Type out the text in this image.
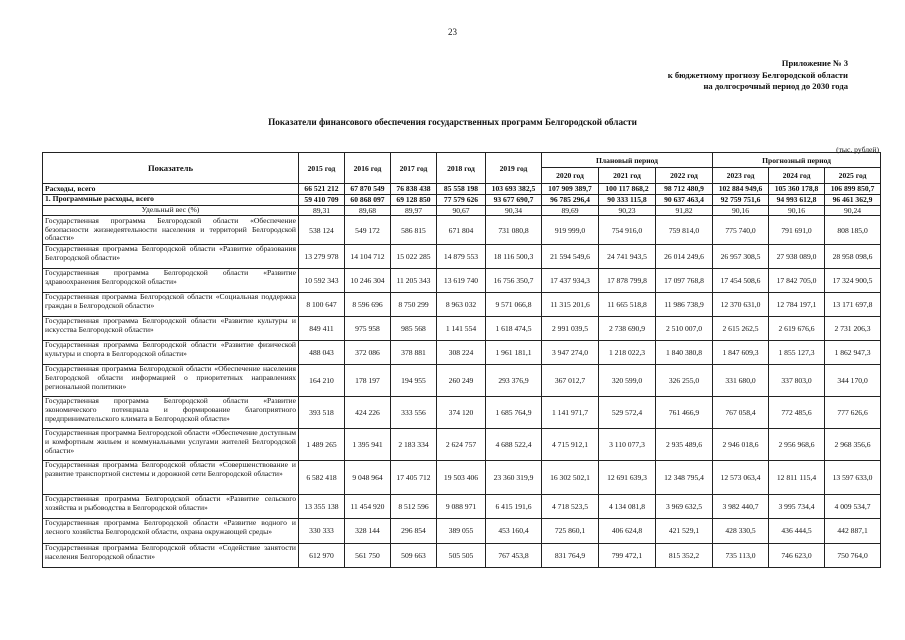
23
Приложение № 3
к бюджетному прогнозу Белгородской области
на долгосрочный период до 2030 года
Показатели финансового обеспечения государственных программ Белгородской области
(тыс. рублей)
Показатель	2015 год	2016 год	2017 год	2018 год	2019 год	Плановый период			Прогнозный период		
						2020 год	2021 год	2022 год	2023 год	2024 год	2025 год
Расходы, всего	66 521 212	67 870 549	76 838 438	85 558 198	103 693 382,5	107 909 389,7	100 117 868,2	98 712 480,9	102 884 949,6	105 360 178,8	106 899 850,7
1. Программные расходы, всего	59 410 709	60 868 097	69 128 850	77 579 626	93 677 690,7	96 785 296,4	90 333 115,8	90 637 463,4	92 759 751,6	94 993 612,8	96 461 362,9
Удельный вес (%)	89,31	89,68	89,97	90,67	90,34	89,69	90,23	91,82	90,16	90,16	90,24
Государственная программа Белгородской области «Обеспечение безопасности жизнедеятельности населения и территорий Белгородской области»	538 124	549 172	586 815	671 804	731 080,8	919 999,0	754 916,0	759 814,0	775 740,0	791 691,0	808 185,0
Государственная программа Белгородской области «Развитие образования Белгородской области»	13 279 978	14 104 712	15 022 285	14 879 553	18 116 500,3	21 594 549,6	24 741 943,5	26 014 249,6	26 957 308,5	27 938 089,0	28 958 098,6
Государственная программа Белгородской области «Развитие здравоохранения Белгородской области»	10 592 343	10 246 304	11 205 343	13 619 740	16 756 350,7	17 437 934,3	17 878 799,8	17 097 768,8	17 454 508,6	17 842 705,0	17 324 900,5
Государственная программа Белгородской области «Социальная поддержка граждан в Белгородской области»	8 100 647	8 596 696	8 750 299	8 963 032	9 571 066,8	11 315 201,6	11 665 518,8	11 986 738,9	12 370 631,0	12 784 197,1	13 171 697,8
Государственная программа Белгородской области «Развитие культуры и искусства Белгородской области»	849 411	975 958	985 568	1 141 554	1 618 474,5	2 991 039,5	2 738 690,9	2 510 007,0	2 615 262,5	2 619 676,6	2 731 206,3
Государственная программа Белгородской области «Развитие физической культуры и спорта в Белгородской области»	488 043	372 086	378 881	308 224	1 961 181,1	3 947 274,0	1 218 022,3	1 840 380,8	1 847 609,3	1 855 127,3	1 862 947,3
Государственная программа Белгородской области «Обеспечение населения Белгородской области информацией о приоритетных направлениях региональной политики»	164 210	178 197	194 955	260 249	293 376,9	367 012,7	320 599,0	326 255,0	331 680,0	337 803,0	344 170,0
Государственная программа Белгородской области «Развитие экономического потенциала и формирование благоприятного предпринимательского климата в Белгородской области»	393 518	424 226	333 556	374 120	1 685 764,9	1 141 971,7	529 572,4	761 466,9	767 058,4	772 485,6	777 626,6
Государственная программа Белгородской области «Обеспечение доступным и комфортным жильем и коммунальными услугами жителей Белгородской области»	1 489 265	1 395 941	2 183 334	2 624 757	4 688 522,4	4 715 912,1	3 110 077,3	2 935 489,6	2 946 018,6	2 956 968,6	2 968 356,6
Государственная программа Белгородской области «Совершенствование и развитие транспортной системы и дорожной сети Белгородской области»	6 582 418	9 048 964	17 405 712	19 503 406	23 360 319,9	16 302 502,1	12 691 639,3	12 348 795,4	12 573 063,4	12 811 115,4	13 597 633,0
Государственная программа Белгородской области «Развитие сельского хозяйства и рыбоводства в Белгородской области»	13 355 138	11 454 920	8 512 596	9 088 971	6 415 191,6	4 718 523,5	4 134 081,8	3 969 632,5	3 982 440,7	3 995 734,4	4 009 534,7
Государственная программа Белгородской области «Развитие водного и лесного хозяйства Белгородской области, охрана окружающей среды»	330 333	328 144	296 854	389 055	453 160,4	725 860,1	406 624,8	421 529,1	428 330,5	436 444,5	442 887,1
Государственная программа Белгородской области «Содействие занятости населения Белгородской области»	612 970	561 750	509 663	505 505	767 453,8	831 764,9	799 472,1	815 352,2	735 113,0	746 623,0	750 764,0
